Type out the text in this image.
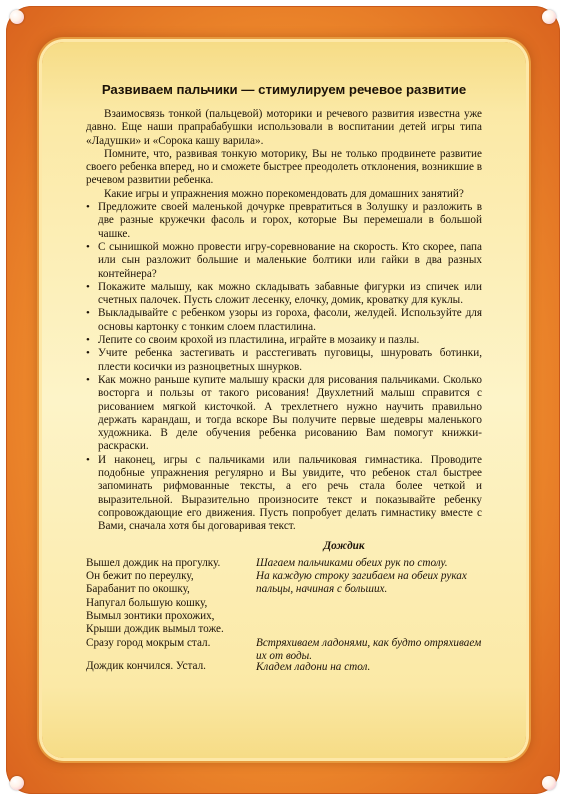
Развиваем пальчики — стимулируем речевое развитие

Взаимосвязь тонкой (пальцевой) моторики и речевого развития известна уже давно. Еще наши прапрабабушки использовали в воспитании детей игры типа «Ладушки» и «Сорока кашу варила».

Помните, что, развивая тонкую моторику, Вы не только продвинете развитие своего ребенка вперед, но и сможете быстрее преодолеть отклонения, возникшие в речевом развитии ребенка.

Какие игры и упражнения можно порекомендовать для домашних занятий?

• Предложите своей маленькой дочурке превратиться в Золушку и разложить в две разные кружечки фасоль и горох, которые Вы перемешали в большой чашке.
• С сынишкой можно провести игру-соревнование на скорость. Кто скорее, папа или сын разложит большие и маленькие болтики или гайки в два разных контейнера?
• Покажите малышу, как можно складывать забавные фигурки из спичек или счетных палочек. Пусть сложит лесенку, елочку, домик, кроватку для куклы.
• Выкладывайте с ребенком узоры из гороха, фасоли, желудей. Используйте для основы картонку с тонким слоем пластилина.
• Лепите со своим крохой из пластилина, играйте в мозаику и пазлы.
• Учите ребенка застегивать и расстегивать пуговицы, шнуровать ботинки, плести косички из разноцветных шнурков.
• Как можно раньше купите малышу краски для рисования пальчиками. Сколько восторга и пользы от такого рисования! Двухлетний малыш справится с рисованием мягкой кисточкой. А трехлетнего нужно научить правильно держать карандаш, и тогда вскоре Вы получите первые шедевры маленького художника. В деле обучения ребенка рисованию Вам помогут книжки-раскраски.
• И наконец, игры с пальчиками или пальчиковая гимнастика. Проводите подобные упражнения регулярно и Вы увидите, что ребенок стал быстрее запоминать рифмованные тексты, а его речь стала более четкой и выразительной. Выразительно произносите текст и показывайте ребенку сопровождающие его движения. Пусть попробует делать гимнастику вместе с Вами, сначала хотя бы договаривая текст.
Дождик
Вышел дождик на прогулку.
Он бежит по переулку,
Барабанит по окошку,
Напугал большую кошку,
Вымыл зонтики прохожих,
Крыши дождик вымыл тоже.
Сразу город мокрым стал.
Дождик кончился. Устал.
Шагаем пальчиками обеих рук по столу.
На каждую строку загибаем на обеих руках пальцы, начиная с больших.
Встряхиваем ладонями, как будто отряхиваем их от воды.
Кладем ладони на стол.
